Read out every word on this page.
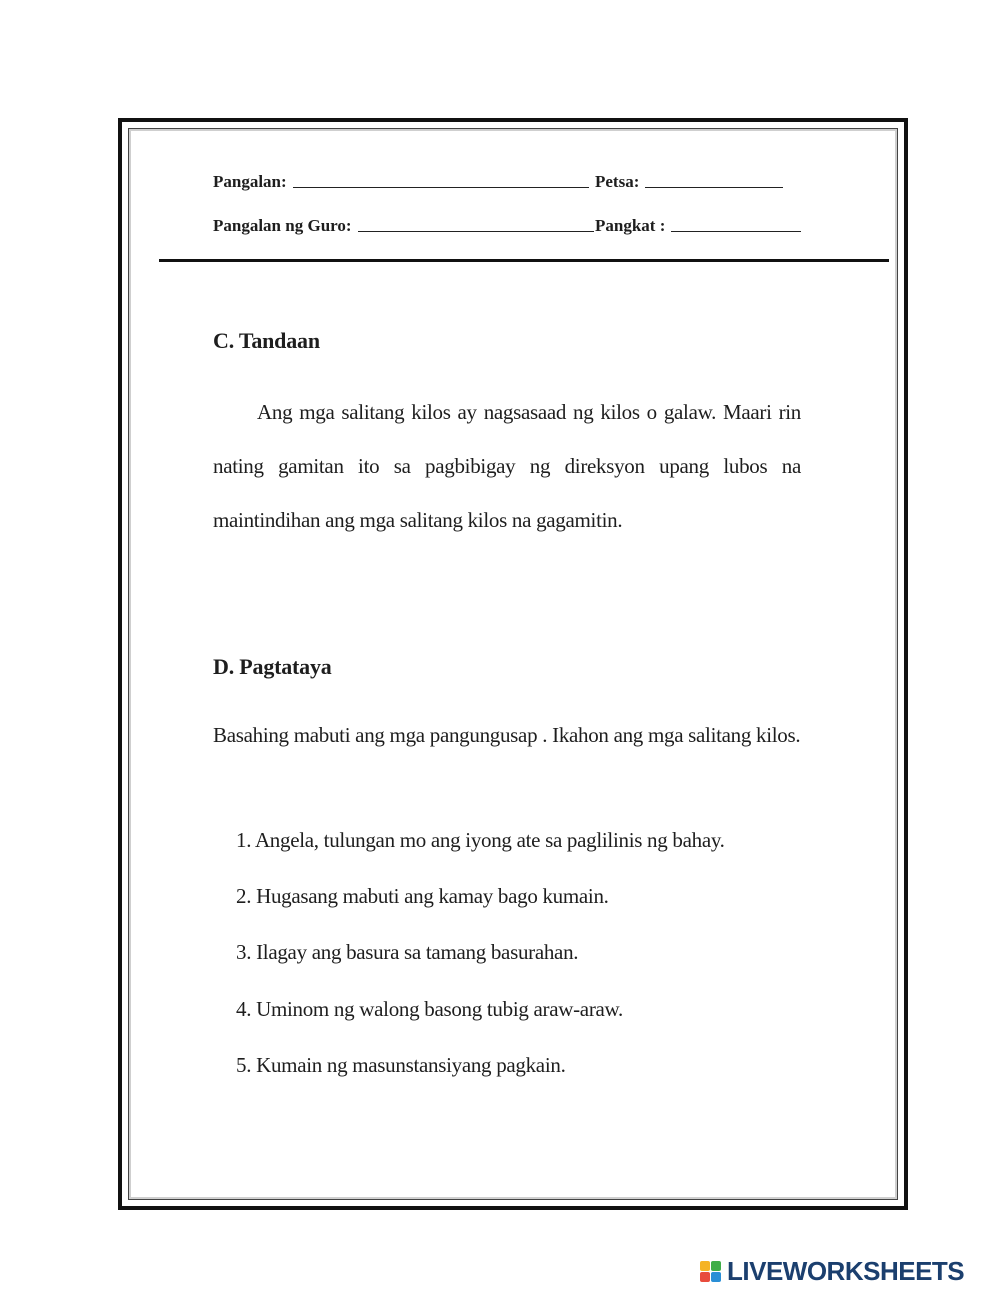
Pangalan:	Petsa:
Pangalan ng Guro:	Pangkat :
C. Tandaan
Ang mga salitang kilos ay nagsasaad ng kilos o galaw. Maari rin nating gamitan ito sa pagbibigay ng direksyon upang lubos na maintindihan ang mga salitang kilos na gagamitin.
D. Pagtataya
Basahing mabuti ang mga pangungusap . Ikahon ang mga salitang kilos.
1. Angela, tulungan mo ang iyong ate sa paglilinis ng bahay.
2. Hugasang mabuti ang kamay bago kumain.
3. Ilagay ang basura sa tamang basurahan.
4. Uminom ng walong basong tubig araw-araw.
5. Kumain ng masunstansiyang pagkain.
LIVEWORKSHEETS
